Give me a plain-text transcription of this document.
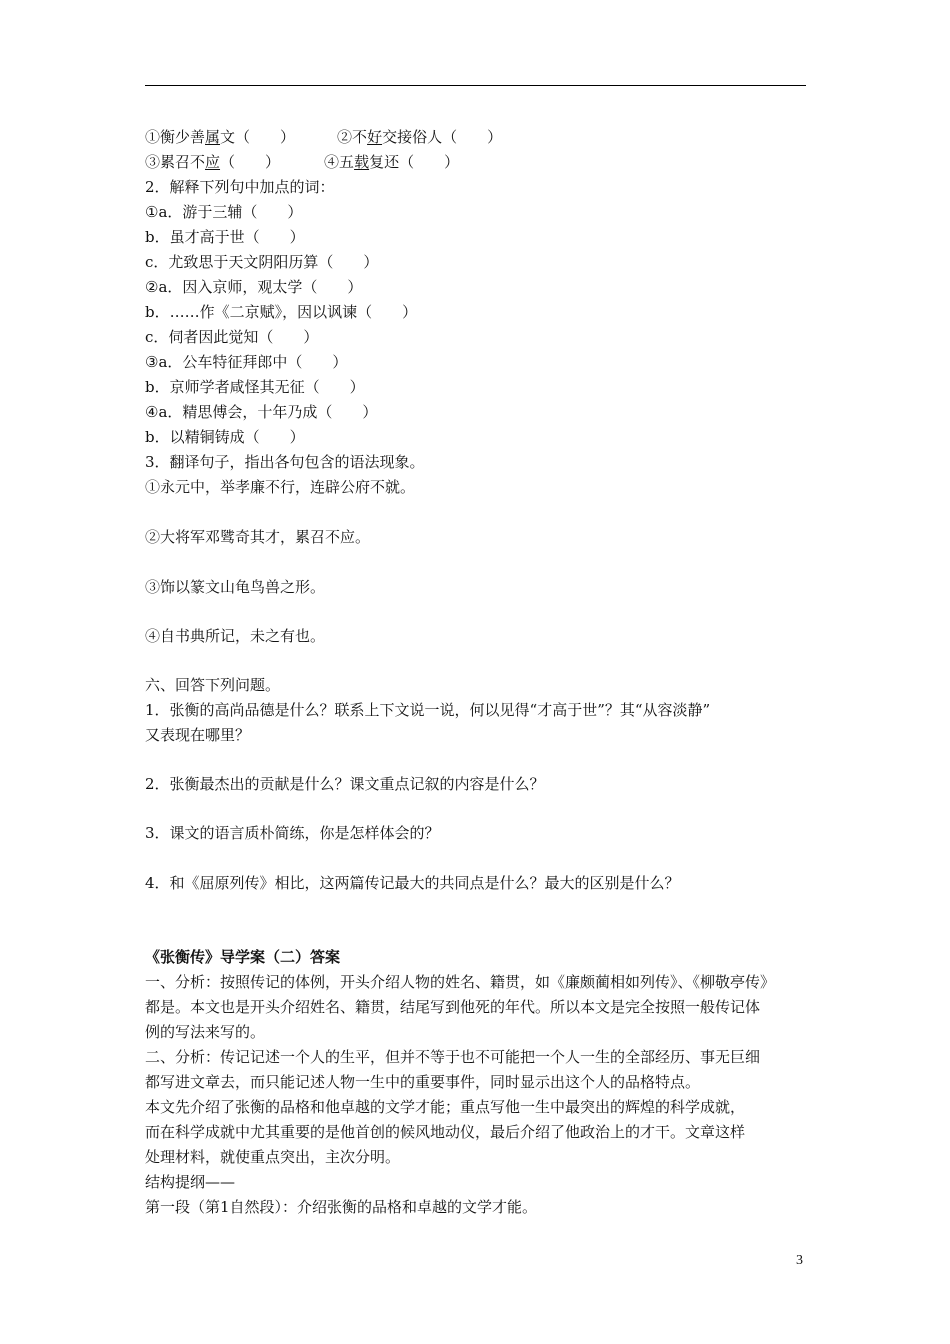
①衡少善属文（　　）	②不好交接俗人（　　）
③累召不应（　　）	④五载复还（　　）
2．解释下列句中加点的词：
①a．游于三辅（　　）
b．虽才高于世（　　）
c．尤致思于天文阴阳历算（　　）
②a．因入京师，观太学（　　）
b．……作《二京赋》，因以讽谏（　　）
c．伺者因此觉知（　　）
③a．公车特征拜郎中（　　）
b．京师学者咸怪其无征（　　）
④a．精思傅会，十年乃成（　　）
b．以精铜铸成（　　）
3．翻译句子，指出各句包含的语法现象。
①永元中，举孝廉不行，连辟公府不就。
②大将军邓骘奇其才，累召不应。
③饰以篆文山龟鸟兽之形。
④自书典所记，未之有也。
六、回答下列问题。
1．张衡的高尚品德是什么？联系上下文说一说，何以见得“才高于世”？其“从容淡静”
又表现在哪里？
2．张衡最杰出的贡献是什么？课文重点记叙的内容是什么？
3．课文的语言质朴简练，你是怎样体会的？
4．和《屈原列传》相比，这两篇传记最大的共同点是什么？最大的区别是什么？
《张衡传》导学案（二）答案
一、分析：按照传记的体例，开头介绍人物的姓名、籍贯，如《廉颇蔺相如列传》、《柳敬亭传》
都是。本文也是开头介绍姓名、籍贯，结尾写到他死的年代。所以本文是完全按照一般传记体
例的写法来写的。
二、分析：传记记述一个人的生平，但并不等于也不可能把一个人一生的全部经历、事无巨细
都写进文章去，而只能记述人物一生中的重要事件，同时显示出这个人的品格特点。
本文先介绍了张衡的品格和他卓越的文学才能；重点写他一生中最突出的辉煌的科学成就，
而在科学成就中尤其重要的是他首创的候风地动仪，最后介绍了他政治上的才干。文章这样
处理材料，就使重点突出，主次分明。
结构提纲——
第一段（第1自然段）：介绍张衡的品格和卓越的文学才能。
3
